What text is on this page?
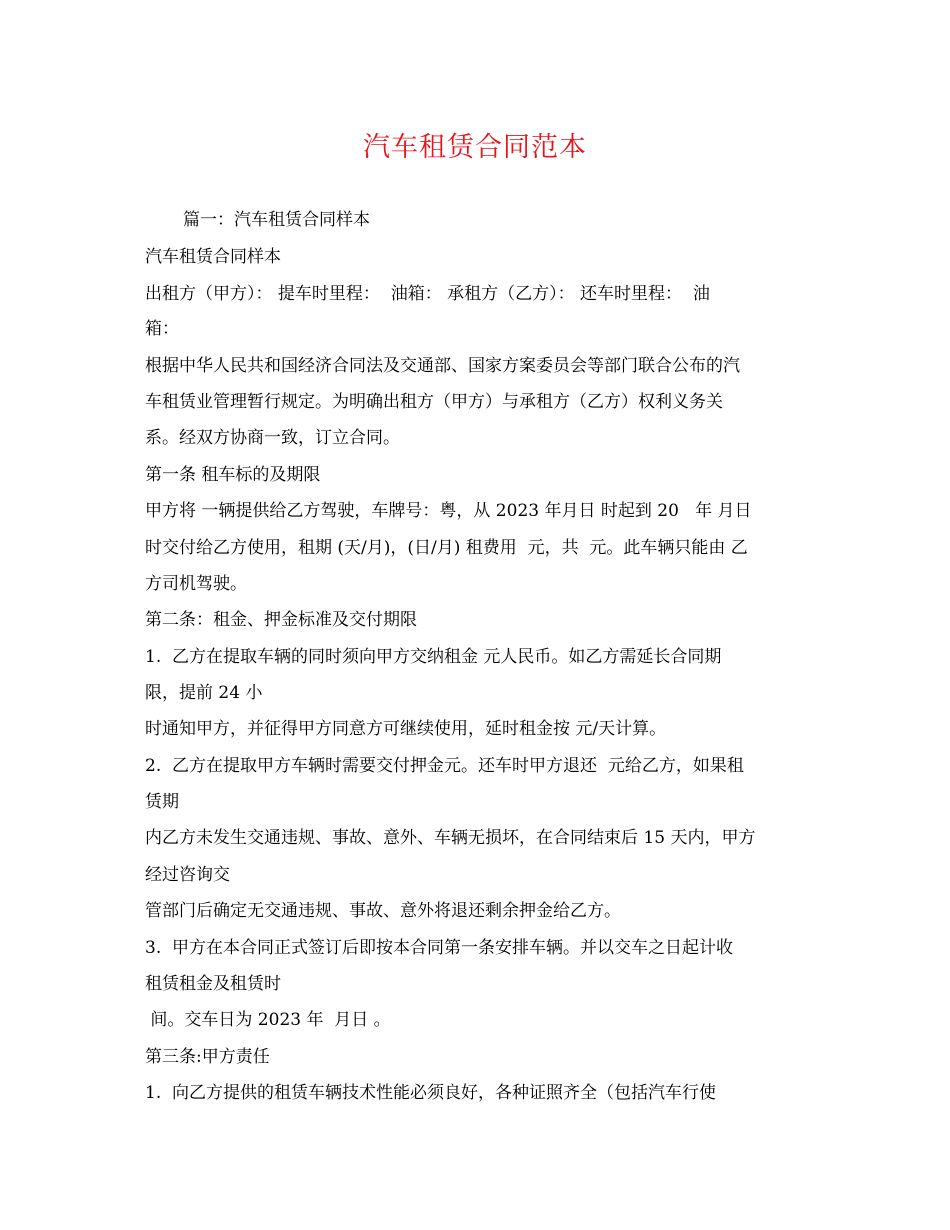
汽车租赁合同范本
篇一：汽车租赁合同样本
汽车租赁合同样本
出租方（甲方）： 提车时里程：  油箱： 承租方（乙方）： 还车时里程：  油
箱：
根据中华人民共和国经济合同法及交通部、国家方案委员会等部门联合公布的汽
车租赁业管理暂行规定。为明确出租方（甲方）与承租方（乙方）权利义务关
系。经双方协商一致，订立合同。
第一条 租车标的及期限
甲方将 一辆提供给乙方驾驶，车牌号：粤，从 2023 年月日 时起到 20   年 月日
时交付给乙方使用，租期 (天/月)，(日/月) 租费用  元，共  元。此车辆只能由 乙
方司机驾驶。
第二条：租金、押金标准及交付期限
1.  乙方在提取车辆的同时须向甲方交纳租金 元人民币。如乙方需延长合同期
限，提前 24 小
时通知甲方，并征得甲方同意方可继续使用，延时租金按 元/天计算。
2.  乙方在提取甲方车辆时需要交付押金元。还车时甲方退还  元给乙方，如果租
赁期
内乙方未发生交通违规、事故、意外、车辆无损坏，在合同结束后 15 天内，甲方
经过咨询交
管部门后确定无交通违规、事故、意外将退还剩余押金给乙方。
3.  甲方在本合同正式签订后即按本合同第一条安排车辆。并以交车之日起计收
租赁租金及租赁时
间。交车日为 2023 年  月日 。
第三条:甲方责任
1.  向乙方提供的租赁车辆技术性能必须良好，各种证照齐全（包括汽车行使
